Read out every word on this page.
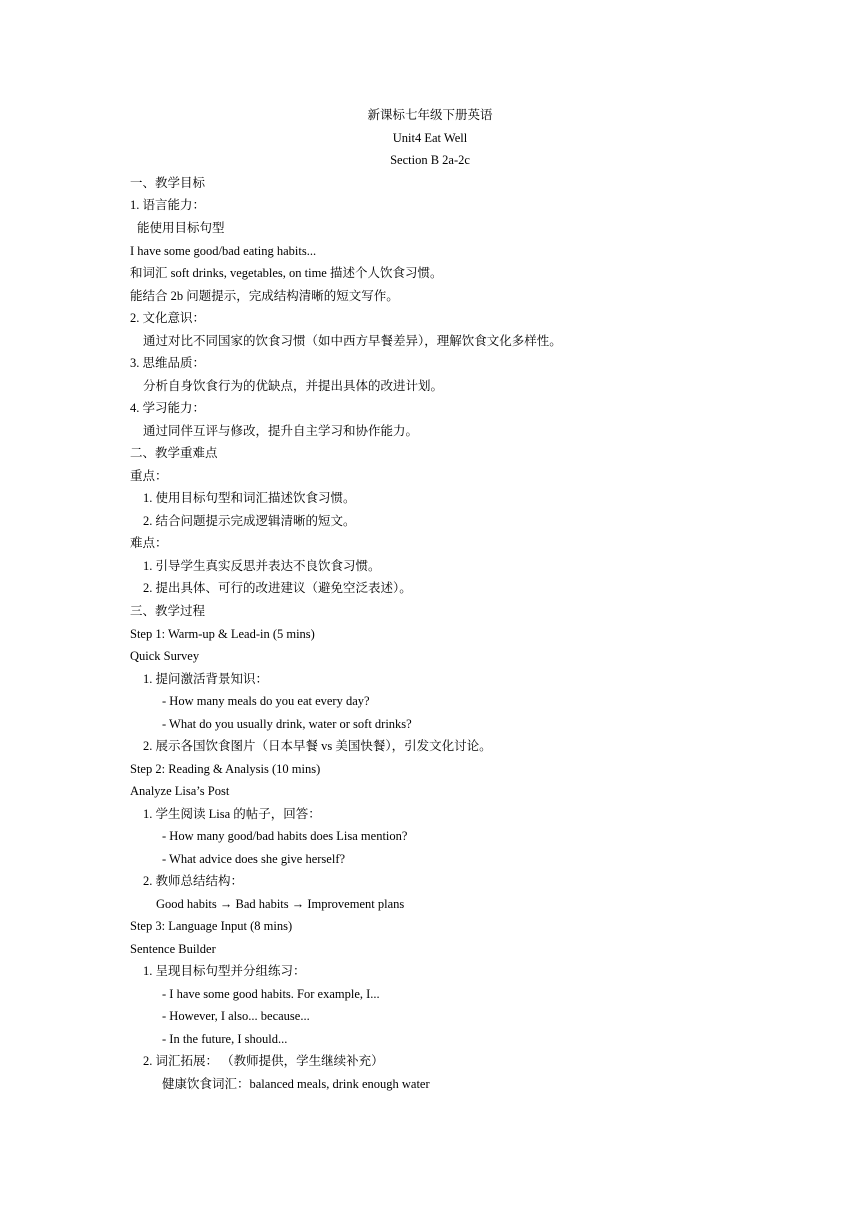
新课标七年级下册英语
Unit4 Eat Well
Section B 2a-2c
一、教学目标
1. 语言能力：
能使用目标句型
I have some good/bad eating habits...
和词汇 soft drinks, vegetables, on time 描述个人饮食习惯。
能结合 2b 问题提示，完成结构清晰的短文写作。
2. 文化意识：
通过对比不同国家的饮食习惯（如中西方早餐差异），理解饮食文化多样性。
3. 思维品质：
分析自身饮食行为的优缺点，并提出具体的改进计划。
4. 学习能力：
通过同伴互评与修改，提升自主学习和协作能力。
二、教学重难点
重点：
1. 使用目标句型和词汇描述饮食习惯。
2. 结合问题提示完成逻辑清晰的短文。
难点：
1. 引导学生真实反思并表达不良饮食习惯。
2. 提出具体、可行的改进建议（避免空泛表述）。
三、教学过程
Step 1: Warm-up & Lead-in (5 mins)
Quick Survey
1. 提问激活背景知识：
- How many meals do you eat every day?
- What do you usually drink, water or soft drinks?
2. 展示各国饮食图片（日本早餐 vs 美国快餐），引发文化讨论。
Step 2: Reading & Analysis (10 mins)
Analyze Lisa’s Post
1. 学生阅读 Lisa 的帖子，回答：
- How many good/bad habits does Lisa mention?
- What advice does she give herself?
2. 教师总结结构：
Good habits → Bad habits → Improvement plans
Step 3: Language Input (8 mins)
Sentence Builder
1. 呈现目标句型并分组练习：
- I have some good habits. For example, I...
- However, I also... because...
- In the future, I should...
2. 词汇拓展： （教师提供，学生继续补充）
健康饮食词汇：balanced meals, drink enough water
